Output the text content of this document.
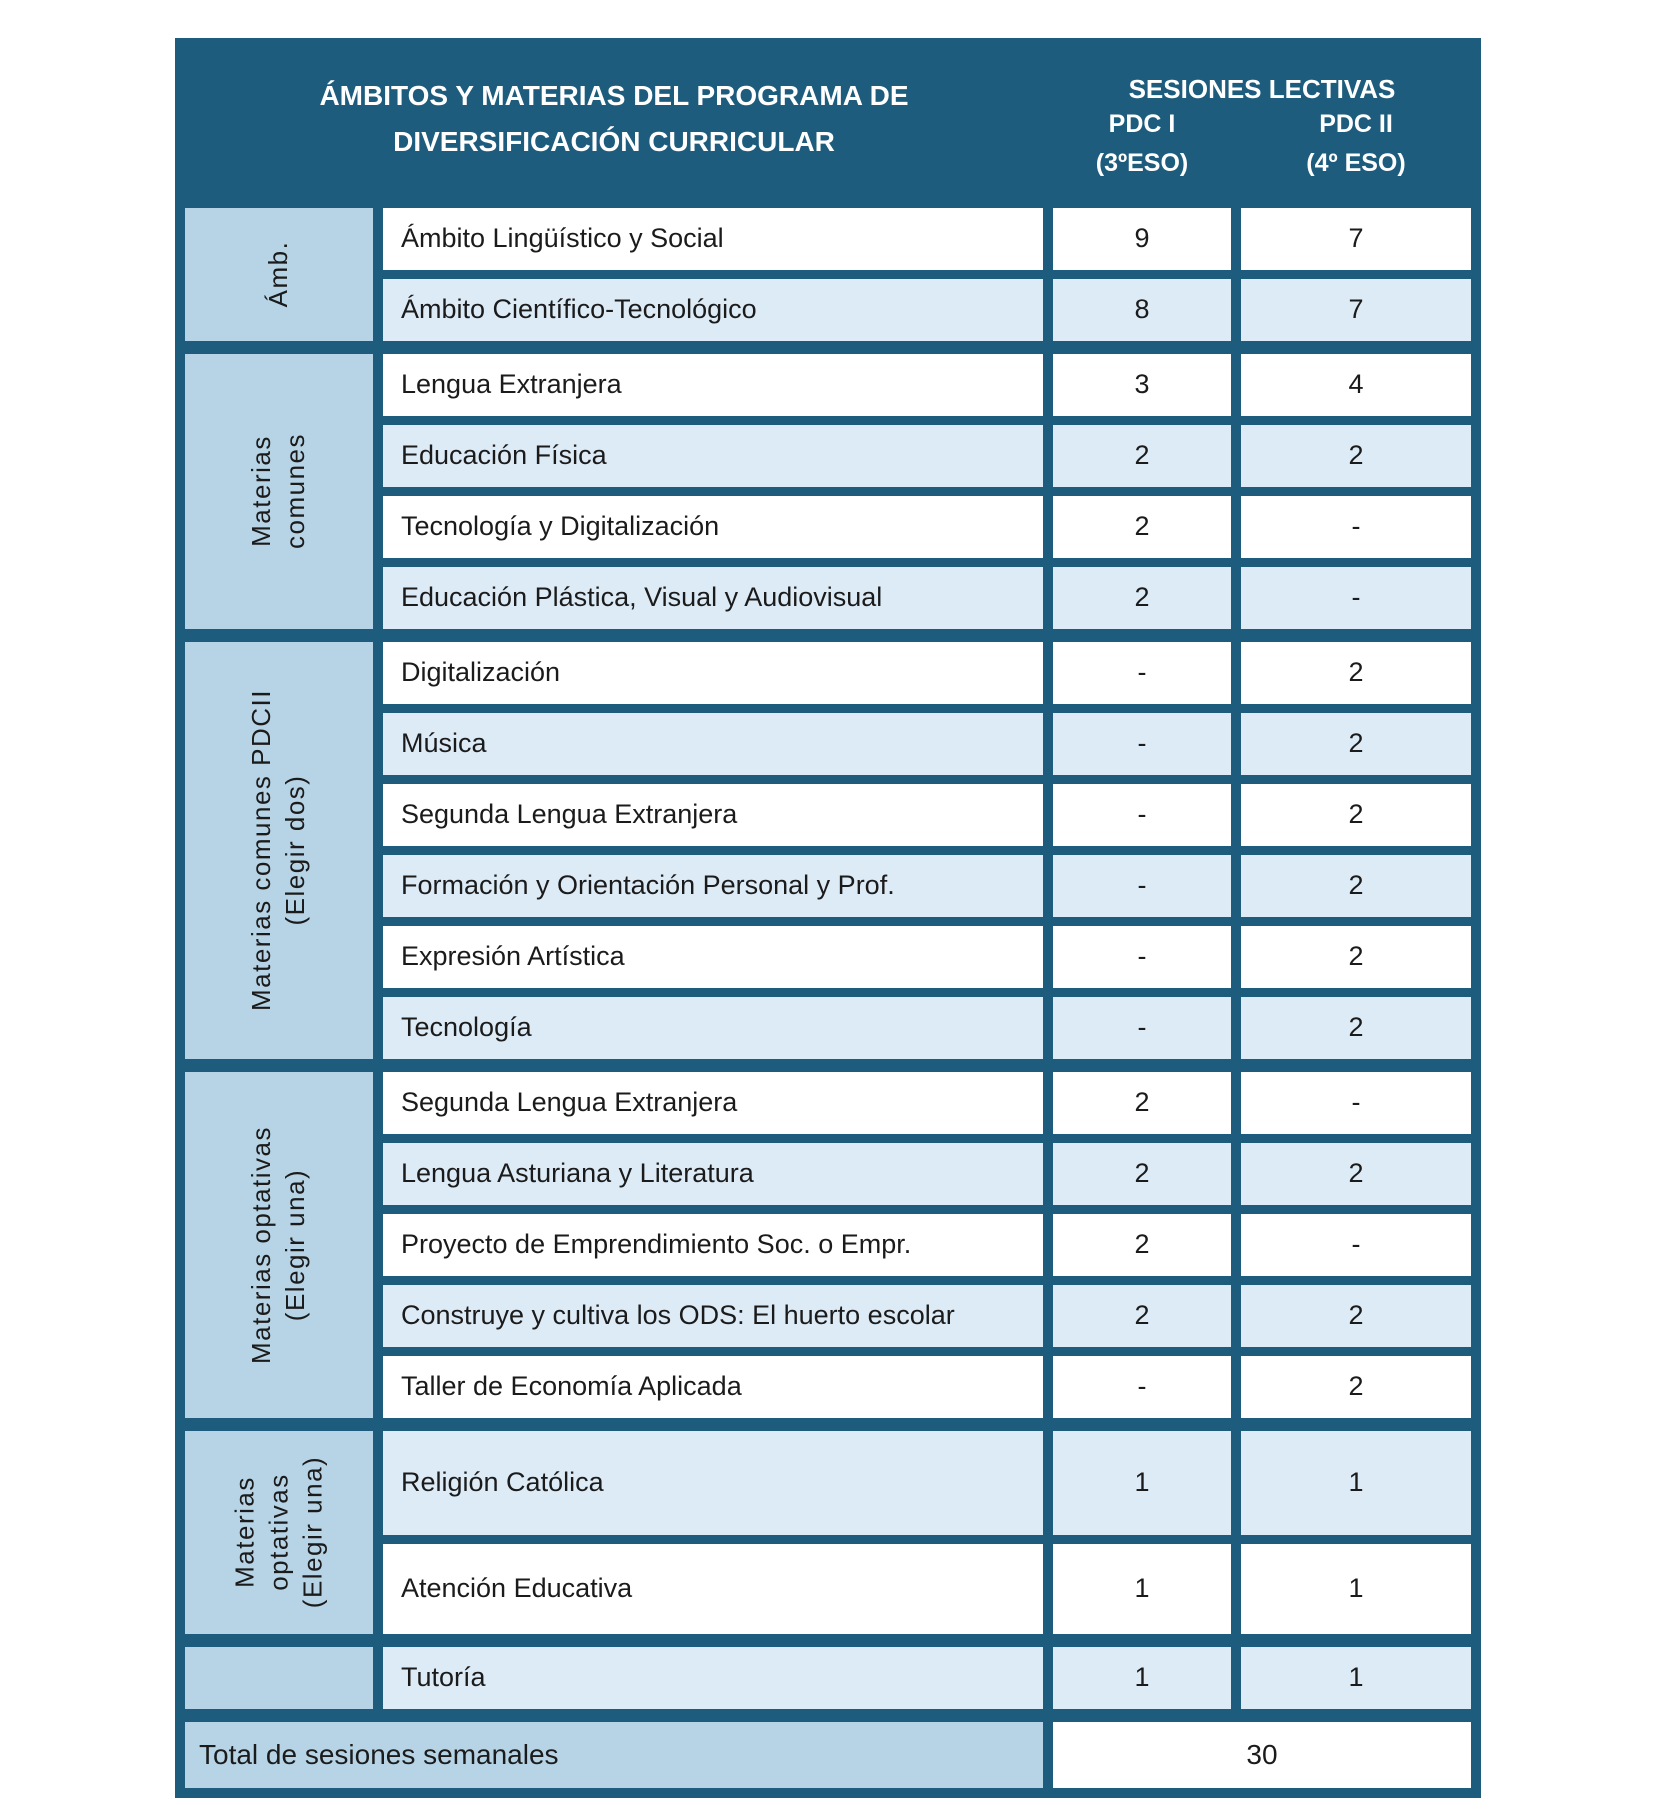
ÁMBITOS Y MATERIAS DEL PROGRAMA DE
DIVERSIFICACIÓN CURRICULAR
SESIONES LECTIVAS
PDC I
(3ºESO)
PDC II
(4º ESO)
Ámb.
Ámbito Lingüístico y Social	9	7
Ámbito Científico-Tecnológico	8	7
Materias comunes
Lengua Extranjera	3	4
Educación Física	2	2
Tecnología y Digitalización	2	-
Educación Plástica, Visual y Audiovisual	2	-
Materias comunes PDCII (Elegir dos)
Digitalización	-	2
Música	-	2
Segunda Lengua Extranjera	-	2
Formación y Orientación Personal y Prof.	-	2
Expresión Artística	-	2
Tecnología	-	2
Materias optativas (Elegir una)
Segunda Lengua Extranjera	2	-
Lengua Asturiana y Literatura	2	2
Proyecto de Emprendimiento Soc. o Empr.	2	-
Construye y cultiva los ODS: El huerto escolar	2	2
Taller de Economía Aplicada	-	2
Materias optativas (Elegir una)	Religión Católica	1	1
Atención Educativa	1	1
Tutoría	1	1
Total de sesiones semanales	30
